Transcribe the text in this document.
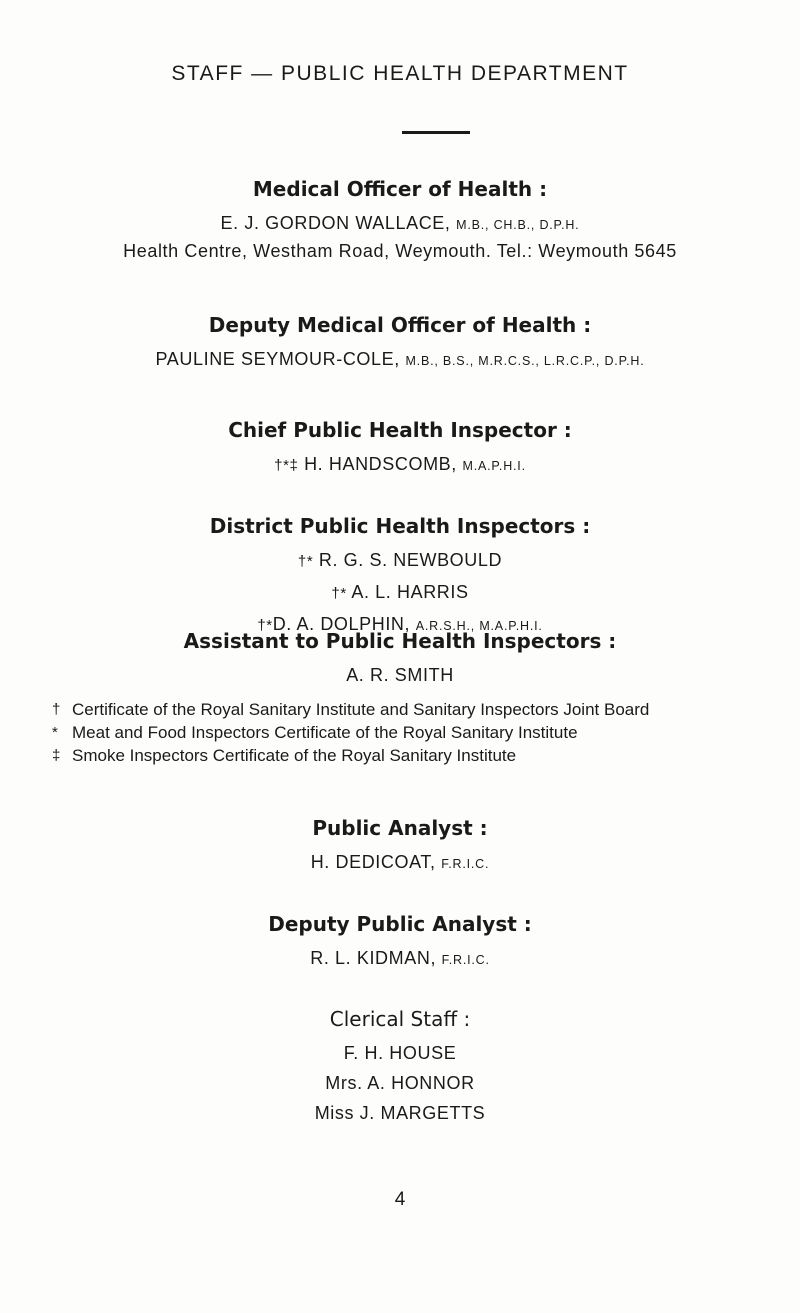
STAFF — PUBLIC HEALTH DEPARTMENT
Medical Officer of Health :
E. J. GORDON WALLACE, M.B., CH.B., D.P.H.
Health Centre, Westham Road, Weymouth. Tel.: Weymouth 5645
Deputy Medical Officer of Health :
PAULINE SEYMOUR-COLE, M.B., B.S., M.R.C.S., L.R.C.P., D.P.H.
Chief Public Health Inspector :
†*‡ H. HANDSCOMB, M.A.P.H.I.
District Public Health Inspectors :
†* R. G. S. NEWBOULD
†* A. L. HARRIS
†*D. A. DOLPHIN, A.R.S.H., M.A.P.H.I.
Assistant to Public Health Inspectors :
A. R. SMITH
† Certificate of the Royal Sanitary Institute and Sanitary Inspectors Joint Board
* Meat and Food Inspectors Certificate of the Royal Sanitary Institute
‡ Smoke Inspectors Certificate of the Royal Sanitary Institute
Public Analyst :
H. DEDICOAT, F.R.I.C.
Deputy Public Analyst :
R. L. KIDMAN, F.R.I.C.
Clerical Staff :
F. H. HOUSE
Mrs. A. HONNOR
Miss J. MARGETTS
4
